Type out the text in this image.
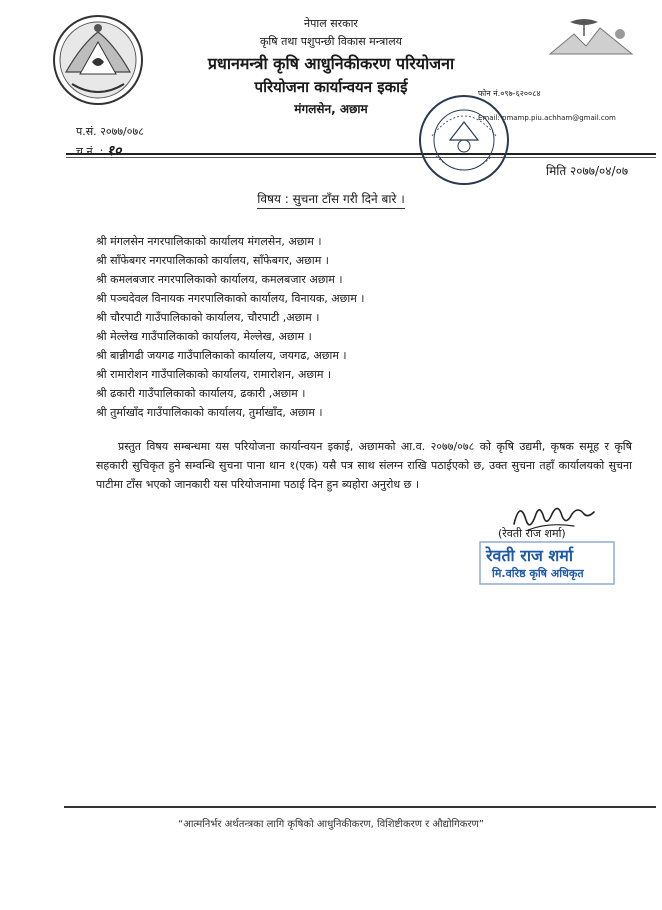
नेपाल सरकार
कृषि तथा पशुपन्छी विकास मन्त्रालय
प्रधानमन्त्री कृषि आधुनिकीकरण परियोजना
परियोजना कार्यान्वयन इकाई
मंगलसेन, अछाम
फोन नं.०९७-६२००८४
Email: pmamp.piu.achham@gmail.com
प.सं. २०७७/०७८
च.नं. : १०
मिति २०७७/०४/०७
विषय : सुचना टाँस गरी दिने बारे ।
श्री मंगलसेन नगरपालिकाको कार्यालय मंगलसेन, अछाम ।
श्री साँफेबगर नगरपालिकाको कार्यालय, साँफेबगर, अछाम ।
श्री कमलबजार नगरपालिकाको कार्यालय, कमलबजार अछाम ।
श्री पञ्चदेवल विनायक नगरपालिकाको कार्यालय, विनायक, अछाम ।
श्री चौरपाटी गाउँपालिकाको कार्यालय, चौरपाटी ,अछाम ।
श्री मेल्लेख गाउँपालिकाको कार्यालय, मेल्लेख, अछाम ।
श्री बान्नीगढी जयगढ गाउँपालिकाको कार्यालय, जयगढ, अछाम ।
श्री रामारोशन गाउँपालिकाको कार्यालय, रामारोशन, अछाम ।
श्री ढकारी गाउँपालिकाको कार्यालय, ढकारी ,अछाम ।
श्री तुर्माखाँद गाउँपालिकाको कार्यालय, तुर्माखाँद, अछाम ।

प्रस्तुत विषय सम्बन्धमा यस परियोजना कार्यान्वयन इकाई, अछामको आ.व. २०७७/०७८ को कृषि उद्यमी, कृषक समूह र कृषि सहकारी सुचिकृत हुने सम्वन्धि सुचना पाना थान १(एक) यसै पत्र साथ संलग्न राखि पठाईएको छ, उक्त सुचना तहाँ कार्यालयको सुचना पाटीमा टाँस भएको जानकारी यस परियोजनामा पठाई दिन हुन ब्यहोरा अनुरोध छ ।

(रेवती राज शर्मा)
रेवती राज शर्मा
मि.वरिष्ठ कृषि अधिकृत
“आत्मनिर्भर अर्थतन्त्रका लागि कृषिको आधुनिकीकरण, विशिष्टीकरण र औद्योगिकरण”
